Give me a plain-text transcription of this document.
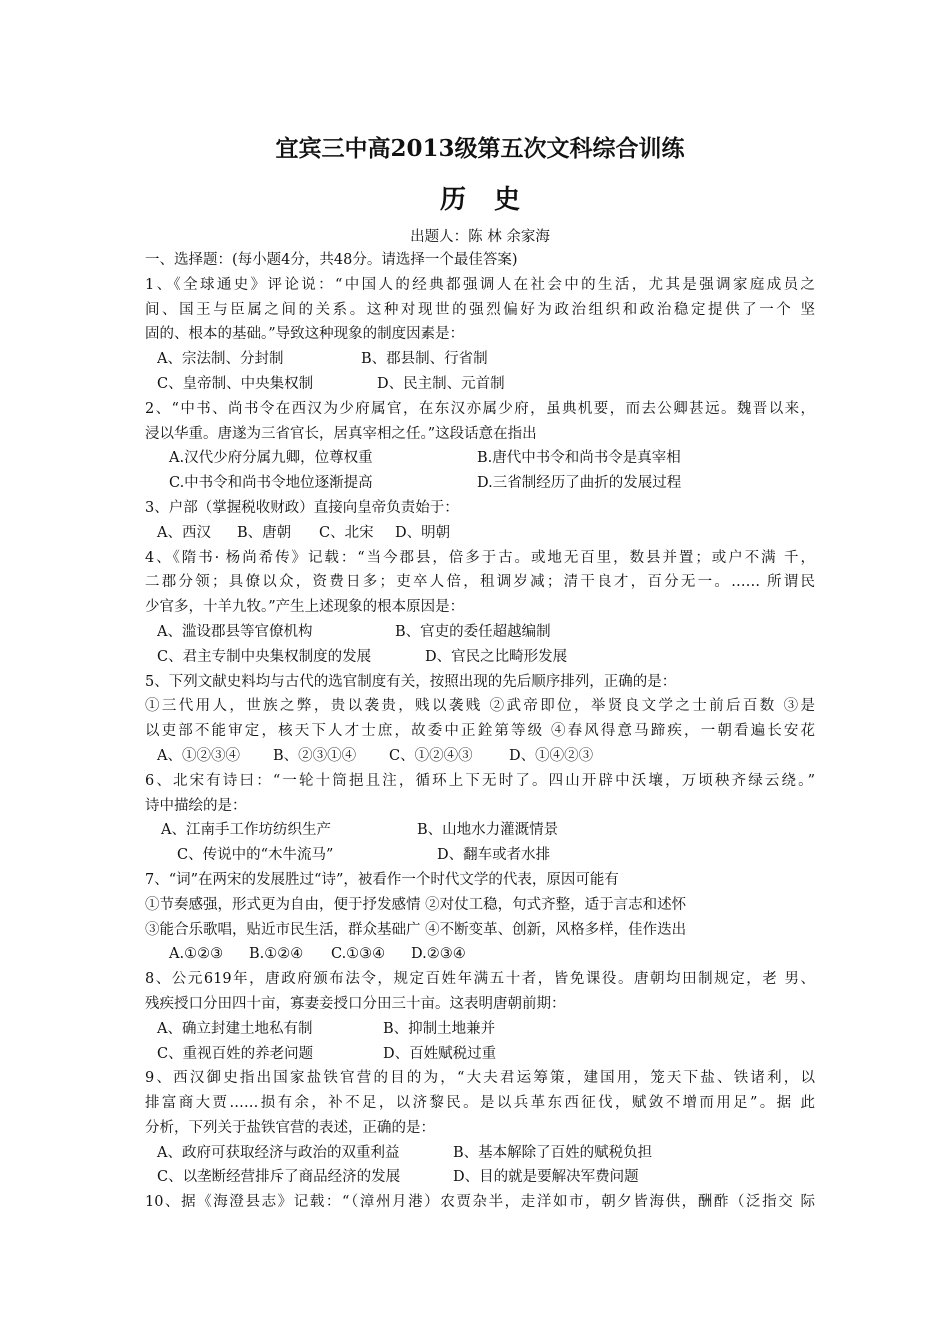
宜宾三中高2013级第五次文科综合训练
历史
出题人：陈 林 余家海
一、选择题：(每小题4分，共48分。请选择一个最佳答案)
1、《全球通史》评论说：“中国人的经典都强调人在社会中的生活，尤其是强调家庭成员之
间、国王与臣属之间的关系。这种对现世的强烈偏好为政治组织和政治稳定提供了一个 坚
固的、根本的基础。”导致这种现象的制度因素是：
A、宗法制、分封制	B、郡县制、行省制
C、皇帝制、中央集权制	D、民主制、元首制
2、“中书、尚书令在西汉为少府属官，在东汉亦属少府，虽典机要，而去公卿甚远。魏晋以来，
浸以华重。唐遂为三省官长，居真宰相之任。”这段话意在指出
A.汉代少府分属九卿，位尊权重	B.唐代中书令和尚书令是真宰相
C.中书令和尚书令地位逐渐提高	D.三省制经历了曲折的发展过程
3、户部（掌握税收财政）直接向皇帝负责始于：
A、西汉 B、唐朝 C、北宋 D、明朝
4、《隋书· 杨尚希传》记载：“当今郡县，倍多于古。或地无百里，数县并置；或户不满 千，
二郡分领；具僚以众，资费日多；吏卒人倍，租调岁减；清干良才，百分无一。…… 所谓民
少官多，十羊九牧。”产生上述现象的根本原因是：
A、滥设郡县等官僚机构	B、官吏的委任超越编制
C、君主专制中央集权制度的发展	D、官民之比畸形发展
5、下列文献史料均与古代的选官制度有关，按照出现的先后顺序排列，正确的是：
①三代用人，世族之弊，贵以袭贵，贱以袭贱 ②武帝即位，举贤良文学之士前后百数 ③是
以吏部不能审定，核天下人才士庶，故委中正銓第等级 ④春风得意马蹄疾，一朝看遍长安花
A、①②③④ B、②③①④ C、①②④③	D、①④②③
6、北宋有诗曰：“一轮十筒挹且注，循环上下无时了。四山开辟中沃壤，万顷秧齐绿云绕。”
诗中描绘的是：
A、江南手工作坊纺织生产	B、山地水力灌溉情景
C、传说中的“木牛流马”	D、翻车或者水排
7、“词”在两宋的发展胜过“诗”，被看作一个时代文学的代表，原因可能有
①节奏感强，形式更为自由，便于抒发感情 ②对仗工稳，句式齐整，适于言志和述怀
③能合乐歌唱，贴近市民生活，群众基础广 ④不断变革、创新，风格多样，佳作迭出
A.①②③ B.①②④ C.①③④ D.②③④
8、公元619年，唐政府颁布法令，规定百姓年满五十者，皆免课役。唐朝均田制规定，老 男、
残疾授口分田四十亩，寡妻妾授口分田三十亩。这表明唐朝前期：
A、确立封建土地私有制	B、抑制土地兼并
C、重视百姓的养老问题	D、百姓赋税过重
9、西汉御史指出国家盐铁官营的目的为，“大夫君运筹策，建国用，笼天下盐、铁诸利，以
排富商大贾……损有余，补不足，以济黎民。是以兵革东西征伐，赋敛不增而用足”。据 此
分析，下列关于盐铁官营的表述，正确的是：
A、政府可获取经济与政治的双重利益	B、基本解除了百姓的赋税负担
C、以垄断经营排斥了商品经济的发展	D、目的就是要解决军费问题
10、据《海澄县志》记载：“（漳州月港）农贾杂半，走洋如市，朝夕皆海供，酬酢（泛指交 际
